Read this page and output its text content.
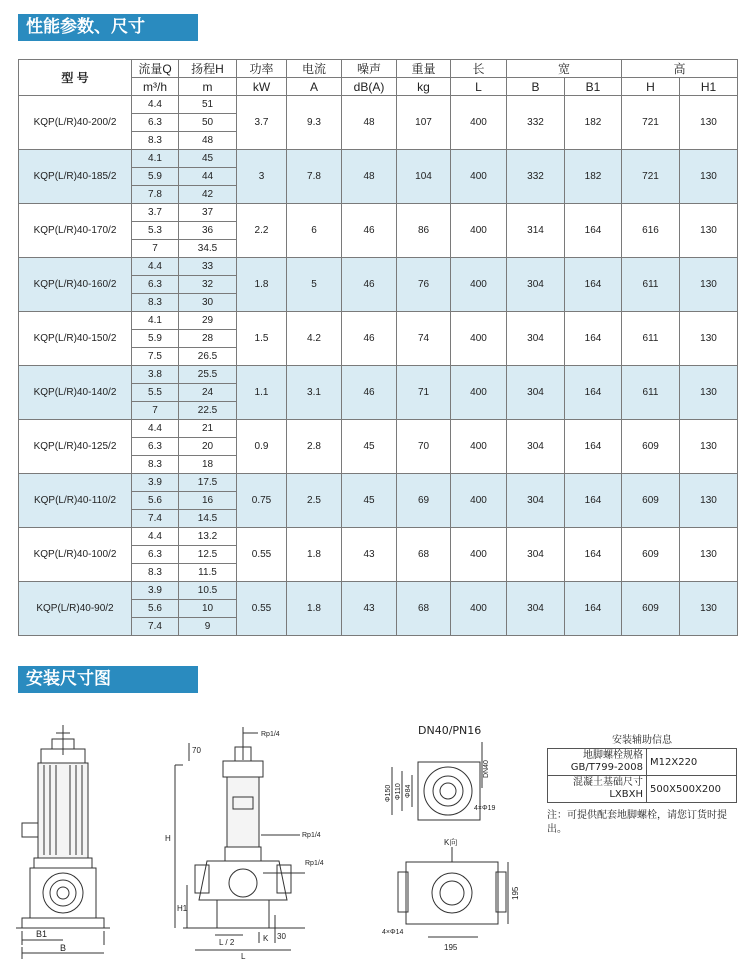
性能参数、尺寸
型 号	流量Q	扬程H	功率	电流	噪声	重量	长	宽		高	
	m³/h	m	kW	A	dB(A)	kg	L	B	B1	H	H1
KQP(L/R)40-200/2	4.4	51	3.7	9.3	48	107	400	332	182	721	130
	6.3	50									
	8.3	48									
KQP(L/R)40-185/2	4.1	45	3	7.8	48	104	400	332	182	721	130
	5.9	44									
	7.8	42									
KQP(L/R)40-170/2	3.7	37	2.2	6	46	86	400	314	164	616	130
	5.3	36									
	7	34.5									
KQP(L/R)40-160/2	4.4	33	1.8	5	46	76	400	304	164	611	130
	6.3	32									
	8.3	30									
KQP(L/R)40-150/2	4.1	29	1.5	4.2	46	74	400	304	164	611	130
	5.9	28									
	7.5	26.5									
KQP(L/R)40-140/2	3.8	25.5	1.1	3.1	46	71	400	304	164	611	130
	5.5	24									
	7	22.5									
KQP(L/R)40-125/2	4.4	21	0.9	2.8	45	70	400	304	164	609	130
	6.3	20									
	8.3	18									
KQP(L/R)40-110/2	3.9	17.5	0.75	2.5	45	69	400	304	164	609	130
	5.6	16									
	7.4	14.5									
KQP(L/R)40-100/2	4.4	13.2	0.55	1.8	43	68	400	304	164	609	130
	6.3	12.5									
	8.3	11.5									
KQP(L/R)40-90/2	3.9	10.5	0.55	1.8	43	68	400	304	164	609	130
	5.6	10									
	7.4	9									
安装尺寸图
B1
B
Rp1/4
Rp1/4
Rp1/4
70
H
H1
L / 2
L
K 30
DN40/PN16
Φ150 Φ110 Φ84
DN40
4×Φ19
K向
4×Φ14
195
195
安装辅助信息
地脚螺栓规格
GB/T799-2008	M12X220

混凝土基础尺寸
LXBXH	500X500X200
注：可提供配套地脚螺栓，请您订货时提出。
